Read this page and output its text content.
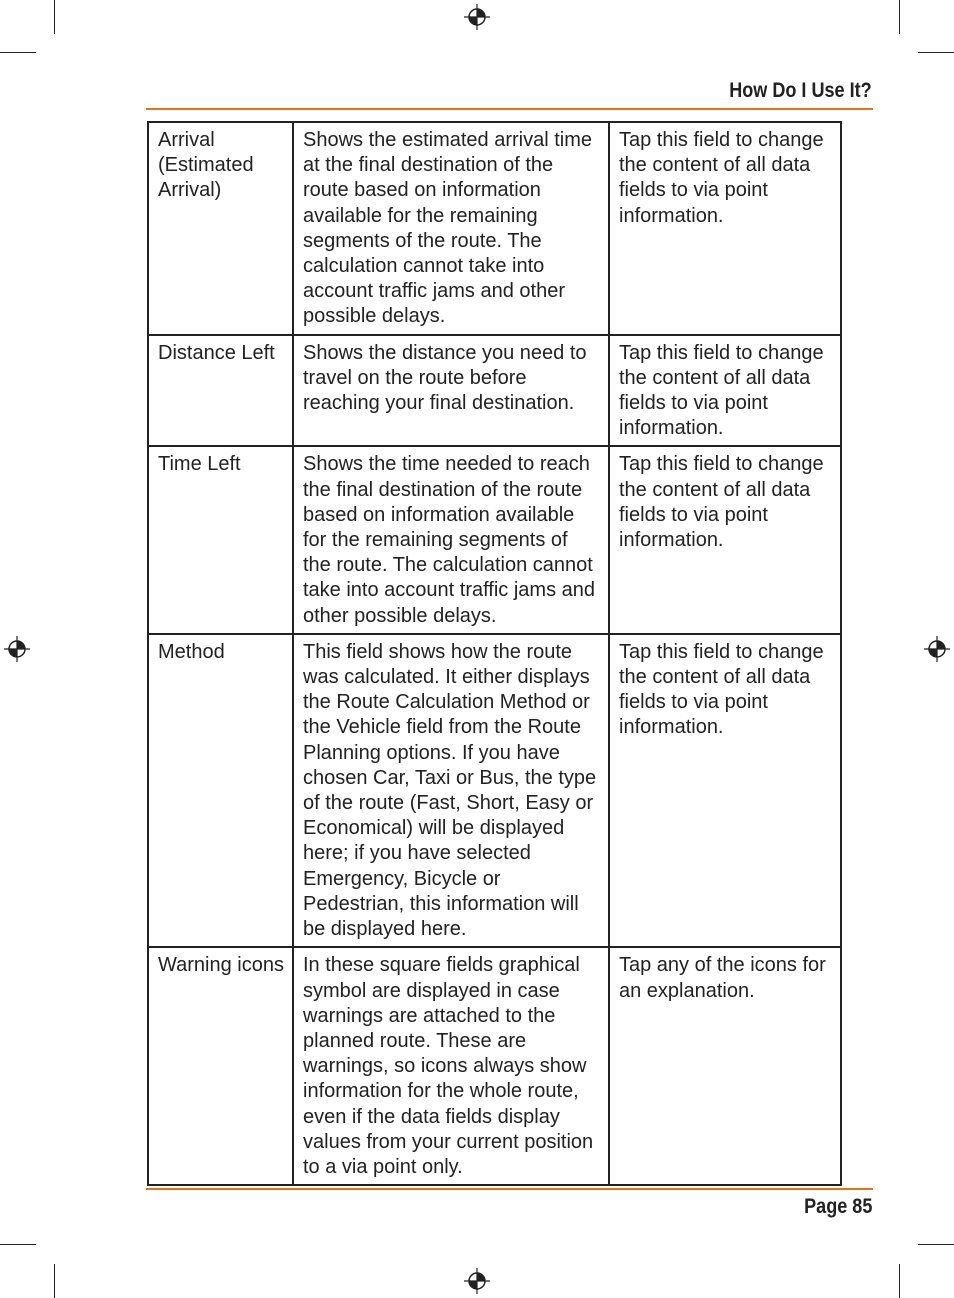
How Do I Use It?
Arrival (Estimated Arrival)	Shows the estimated arrival time at the final destination of the route based on information available for the remaining segments of the route. The calculation cannot take into account traffic jams and other possible delays.	Tap this field to change the content of all data fields to via point information.
Distance Left	Shows the distance you need to travel on the route before reaching your final destination.	Tap this field to change the content of all data fields to via point information.
Time Left	Shows the time needed to reach the final destination of the route based on information available for the remaining segments of the route. The calculation cannot take into account traffic jams and other possible delays.	Tap this field to change the content of all data fields to via point information.
Method	This field shows how the route was calculated. It either displays the Route Calculation Method or the Vehicle field from the Route Planning options. If you have chosen Car, Taxi or Bus, the type of the route (Fast, Short, Easy or Economical) will be displayed here; if you have selected Emergency, Bicycle or Pedestrian, this information will be displayed here.	Tap this field to change the content of all data fields to via point information.
Warning icons	In these square fields graphical symbol are displayed in case warnings are attached to the planned route. These are warnings, so icons always show information for the whole route, even if the data fields display values from your current position to a via point only.	Tap any of the icons for an explanation.
Page 85
